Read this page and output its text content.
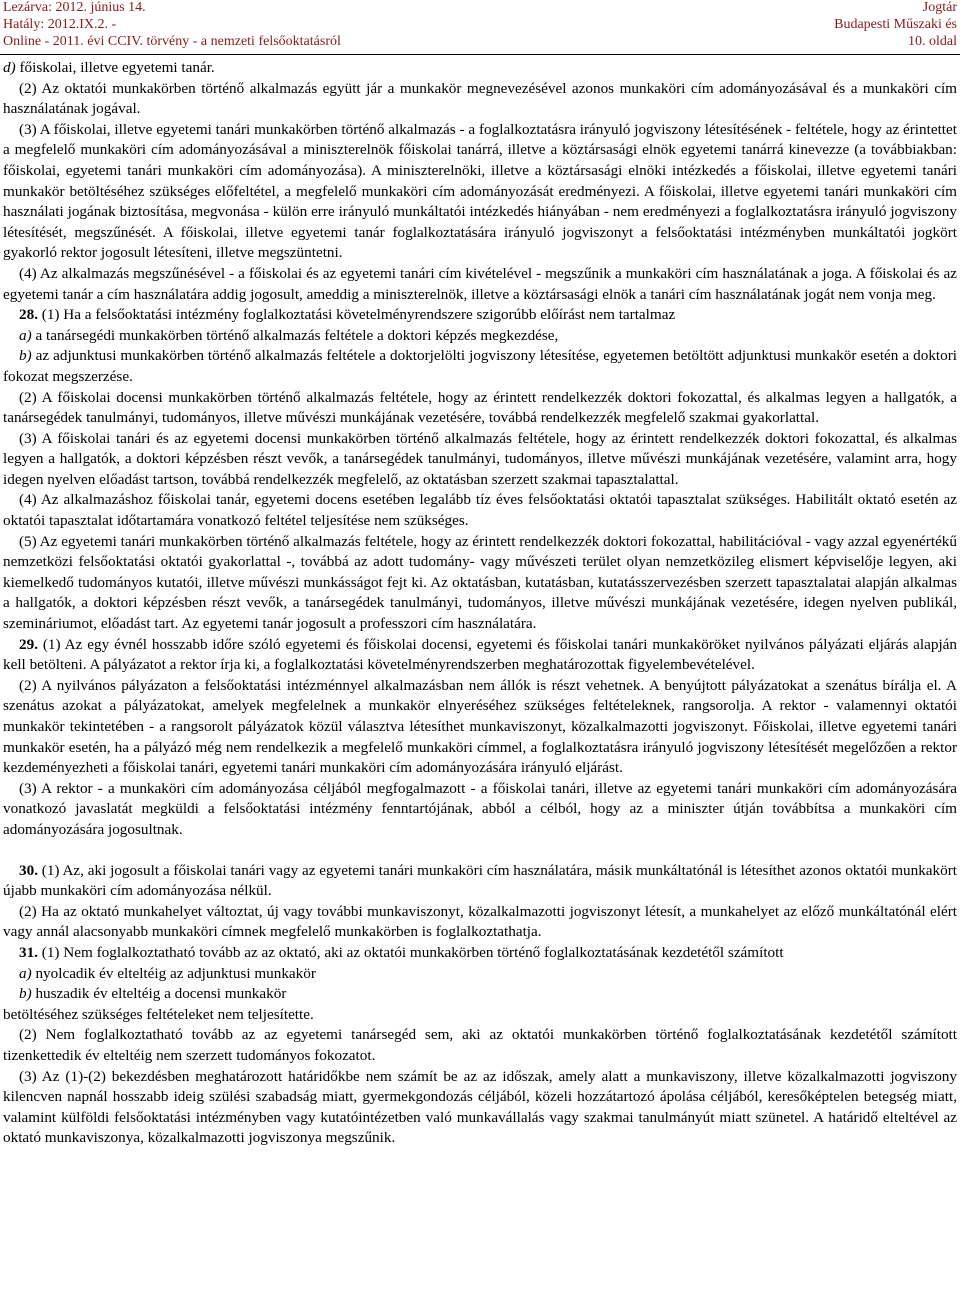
Lezárva: 2012. június 14.
Hatály: 2012.IX.2. -
Online - 2011. évi CCIV. törvény - a nemzeti felsőoktatásról
Jogtár
Budapesti Műszaki és
10. oldal

d) főiskolai, illetve egyetemi tanár.

(2) Az oktatói munkakörben történő alkalmazás együtt jár a munkakör megnevezésével azonos munkaköri cím adományozásával és a munkaköri cím használatának jogával.

(3) A főiskolai, illetve egyetemi tanári munkakörben történő alkalmazás - a foglalkoztatásra irányuló jogviszony létesítésének - feltétele, hogy az érintettet a megfelelő munkaköri cím adományozásával a miniszterelnök főiskolai tanárrá, illetve a köztársasági elnök egyetemi tanárrá kinevezze (a továbbiakban: főiskolai, egyetemi tanári munkaköri cím adományozása). A miniszterelnöki, illetve a köztársasági elnöki intézkedés a főiskolai, illetve egyetemi tanári munkakör betöltéséhez szükséges előfeltétel, a megfelelő munkaköri cím adományozását eredményezi. A főiskolai, illetve egyetemi tanári munkaköri cím használati jogának biztosítása, megvonása - külön erre irányuló munkáltatói intézkedés hiányában - nem eredményezi a foglalkoztatásra irányuló jogviszony létesítését, megszűnését. A főiskolai, illetve egyetemi tanár foglalkoztatására irányuló jogviszonyt a felsőoktatási intézményben munkáltatói jogkört gyakorló rektor jogosult létesíteni, illetve megszüntetni.

(4) Az alkalmazás megszűnésével - a főiskolai és az egyetemi tanári cím kivételével - megszűnik a munkaköri cím használatának a joga. A főiskolai és az egyetemi tanár a cím használatára addig jogosult, ameddig a miniszterelnök, illetve a köztársasági elnök a tanári cím használatának jogát nem vonja meg.

28. (1) Ha a felsőoktatási intézmény foglalkoztatási követelményrendszere szigorúbb előírást nem tartalmaz

a) a tanársegédi munkakörben történő alkalmazás feltétele a doktori képzés megkezdése,

b) az adjunktusi munkakörben történő alkalmazás feltétele a doktorjelölti jogviszony létesítése, egyetemen betöltött adjunktusi munkakör esetén a doktori fokozat megszerzése.

(2) A főiskolai docensi munkakörben történő alkalmazás feltétele, hogy az érintett rendelkezzék doktori fokozattal, és alkalmas legyen a hallgatók, a tanársegédek tanulmányi, tudományos, illetve művészi munkájának vezetésére, továbbá rendelkezzék megfelelő szakmai gyakorlattal.

(3) A főiskolai tanári és az egyetemi docensi munkakörben történő alkalmazás feltétele, hogy az érintett rendelkezzék doktori fokozattal, és alkalmas legyen a hallgatók, a doktori képzésben részt vevők, a tanársegédek tanulmányi, tudományos, illetve művészi munkájának vezetésére, valamint arra, hogy idegen nyelven előadást tartson, továbbá rendelkezzék megfelelő, az oktatásban szerzett szakmai tapasztalattal.

(4) Az alkalmazáshoz főiskolai tanár, egyetemi docens esetében legalább tíz éves felsőoktatási oktatói tapasztalat szükséges. Habilitált oktató esetén az oktatói tapasztalat időtartamára vonatkozó feltétel teljesítése nem szükséges.

(5) Az egyetemi tanári munkakörben történő alkalmazás feltétele, hogy az érintett rendelkezzék doktori fokozattal, habilitációval - vagy azzal egyenértékű nemzetközi felsőoktatási oktatói gyakorlattal -, továbbá az adott tudomány- vagy művészeti terület olyan nemzetközileg elismert képviselője legyen, aki kiemelkedő tudományos kutatói, illetve művészi munkásságot fejt ki. Az oktatásban, kutatásban, kutatásszervezésben szerzett tapasztalatai alapján alkalmas a hallgatók, a doktori képzésben részt vevők, a tanársegédek tanulmányi, tudományos, illetve művészi munkájának vezetésére, idegen nyelven publikál, szemináriumot, előadást tart. Az egyetemi tanár jogosult a professzori cím használatára.

29. (1) Az egy évnél hosszabb időre szóló egyetemi és főiskolai docensi, egyetemi és főiskolai tanári munkaköröket nyilvános pályázati eljárás alapján kell betölteni. A pályázatot a rektor írja ki, a foglalkoztatási követelményrendszerben meghatározottak figyelembevételével.

(2) A nyilvános pályázaton a felsőoktatási intézménnyel alkalmazásban nem állók is részt vehetnek. A benyújtott pályázatokat a szenátus bírálja el. A szenátus azokat a pályázatokat, amelyek megfelelnek a munkakör elnyeréséhez szükséges feltételeknek, rangsorolja. A rektor - valamennyi oktatói munkakör tekintetében - a rangsorolt pályázatok közül választva létesíthet munkaviszonyt, közalkalmazotti jogviszonyt. Főiskolai, illetve egyetemi tanári munkakör esetén, ha a pályázó még nem rendelkezik a megfelelő munkaköri címmel, a foglalkoztatásra irányuló jogviszony létesítését megelőzően a rektor kezdeményezheti a főiskolai tanári, egyetemi tanári munkaköri cím adományozására irányuló eljárást.

(3) A rektor - a munkaköri cím adományozása céljából megfogalmazott - a főiskolai tanári, illetve az egyetemi tanári munkaköri cím adományozására vonatkozó javaslatát megküldi a felsőoktatási intézmény fenntartójának, abból a célból, hogy az a miniszter útján továbbítsa a munkaköri cím adományozására jogosultnak.

30. (1) Az, aki jogosult a főiskolai tanári vagy az egyetemi tanári munkaköri cím használatára, másik munkáltatónál is létesíthet azonos oktatói munkakört újabb munkaköri cím adományozása nélkül.

(2) Ha az oktató munkahelyet változtat, új vagy további munkaviszonyt, közalkalmazotti jogviszonyt létesít, a munkahelyet az előző munkáltatónál elért vagy annál alacsonyabb munkaköri címnek megfelelő munkakörben is foglalkoztathatja.

31. (1) Nem foglalkoztatható tovább az az oktató, aki az oktatói munkakörben történő foglalkoztatásának kezdetétől számított

a) nyolcadik év elteltéig az adjunktusi munkakör

b) huszadik év elteltéig a docensi munkakör

betöltéséhez szükséges feltételeket nem teljesítette.

(2) Nem foglalkoztatható tovább az az egyetemi tanársegéd sem, aki az oktatói munkakörben történő foglalkoztatásának kezdetétől számított tizenkettedik év elteltéig nem szerzett tudományos fokozatot.

(3) Az (1)-(2) bekezdésben meghatározott határidőkbe nem számít be az az időszak, amely alatt a munkaviszony, illetve közalkalmazotti jogviszony kilencven napnál hosszabb ideig szülési szabadság miatt, gyermekgondozás céljából, közeli hozzátartozó ápolása céljából, keresőképtelen betegség miatt, valamint külföldi felsőoktatási intézményben vagy kutatóintézetben való munkavállalás vagy szakmai tanulmányút miatt szünetel. A határidő elteltével az oktató munkaviszonya, közalkalmazotti jogviszonya megszűnik.
